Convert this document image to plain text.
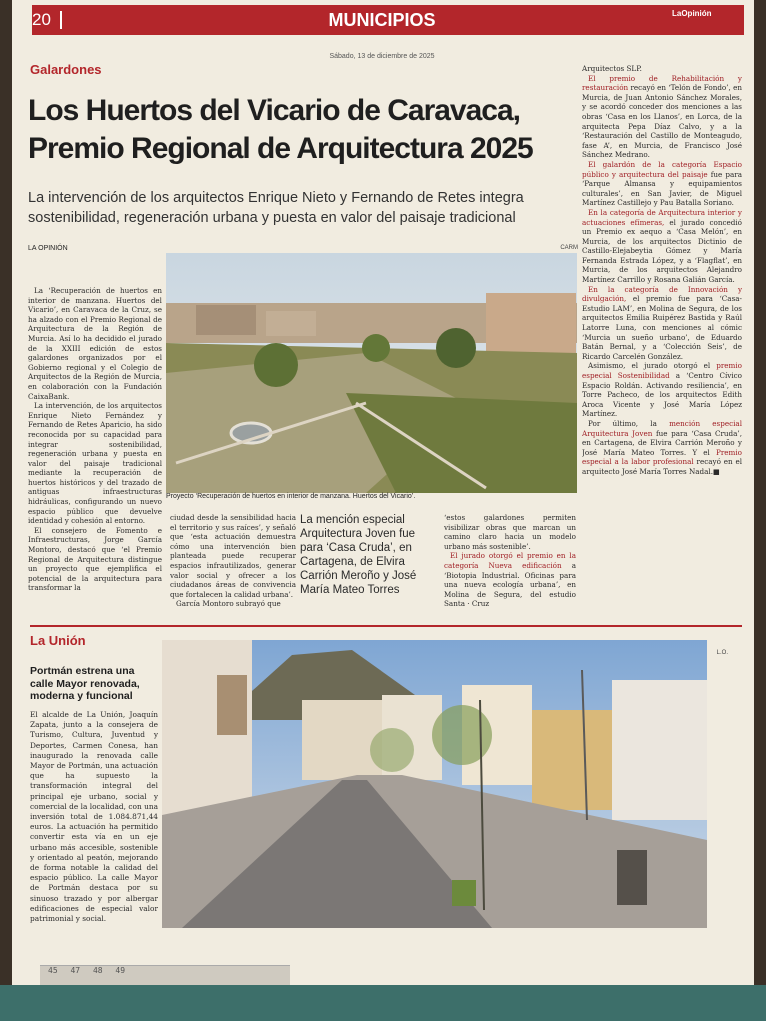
20	MUNICIPIOS	LaOpinión
Sábado, 13 de diciembre de 2025
Galardones
Los Huertos del Vicario de Caravaca,
Premio Regional de Arquitectura 2025
La intervención de los arquitectos Enrique Nieto y Fernando de Retes integra sostenibilidad, regeneración urbana y puesta en valor del paisaje tradicional
LA OPINIÓN	CARM
La ‘Recuperación de huertos en interior de manzana. Huertos del Vicario’, en Caravaca de la Cruz, se ha alzado con el Premio Regional de Arquitectura de la Región de Murcia. Así lo ha decidido el jurado de la XXIII edición de estos galardones organizados por el Gobierno regional y el Colegio de Arquitectos de la Región de Murcia, en colaboración con la Fundación CaixaBank.
La intervención, de los arquitectos Enrique Nieto Fernández y Fernando de Retes Aparicio, ha sido reconocida por su capacidad para integrar sostenibilidad, regeneración urbana y puesta en valor del paisaje tradicional mediante la recuperación de huertos históricos y del trazado de antiguas infraestructuras hidráulicas, configurando un nuevo espacio público que devuelve identidad y cohesión al entorno.
El consejero de Fomento e Infraestructuras, Jorge García Montoro, destacó que ‘el Premio Regional de Arquitectura distingue un proyecto que ejemplifica el potencial de la arquitectura para transformar la
Proyecto ‘Recuperación de huertos en interior de manzana. Huertos del Vicario’.
ciudad desde la sensibilidad hacia el territorio y sus raíces’, y señaló que ‘esta actuación demuestra cómo una intervención bien planteada puede recuperar espacios infrautilizados, generar valor social y ofrecer a los ciudadanos áreas de convivencia que fortalecen la calidad urbana’.
García Montoro subrayó que
La mención especial Arquitectura Joven fue para ‘Casa Cruda’, en Cartagena, de Elvira Carrión Meroño y José María Mateo Torres
‘estos galardones permiten visibilizar obras que marcan un camino claro hacia un modelo urbano más sostenible’.
El jurado otorgó el premio en la categoría Nueva edificación a ‘Biotopia Industrial. Oficinas para una nueva ecología urbana’, en Molina de Segura, del estudio Santa · Cruz
Arquitectos SLP.
El premio de Rehabilitación y restauración recayó en ‘Telón de Fondo’, en Murcia, de Juan Antonio Sánchez Morales, y se acordó conceder dos menciones a las obras ‘Casa en los Llanos’, en Lorca, de la arquitecta Pepa Díaz Calvo, y a la ‘Restauración del Castillo de Monteagudo, fase A’, en Murcia, de Francisco José Sánchez Medrano.
El galardón de la categoría Espacio público y arquitectura del paisaje fue para ‘Parque Almansa y equipamientos culturales’, en San Javier, de Miguel Martínez Castillejo y Pau Batalla Soriano.
En la categoría de Arquitectura interior y actuaciones efímeras, el jurado concedió un Premio ex aequo a ‘Casa Melón’, en Murcia, de los arquitectos Dictinio de Castillo-Elejabeytia Gómez y María Fernanda Estrada López, y a ‘Flagflat’, en Murcia, de los arquitectos Alejandro Martínez Carrillo y Rosana Galián García.
En la categoría de Innovación y divulgación, el premio fue para ‘Casa-Estudio LAM’, en Molina de Segura, de los arquitectos Emilia Ruipérez Bastida y Raúl Latorre Luna, con menciones al cómic ‘Murcia un sueño urbano’, de Eduardo Batán Bernal, y a ‘Colección Seis’, de Ricardo Carcelén González.
Asimismo, el jurado otorgó el premio especial Sostenibilidad a ‘Centro Cívico Espacio Roldán. Activando resiliencia’, en Torre Pacheco, de los arquitectos Edith Aroca Vicente y José María López Martínez.
Por último, la mención especial Arquitectura Joven fue para ‘Casa Cruda’, en Cartagena, de Elvira Carrión Meroño y José María Mateo Torres. Y el Premio especial a la labor profesional recayó en el arquitecto José María Torres Nadal.■
La Unión
L.O.
Portmán estrena una calle Mayor renovada, moderna y funcional
El alcalde de La Unión, Joaquín Zapata, junto a la consejera de Turismo, Cultura, Juventud y Deportes, Carmen Conesa, han inaugurado la renovada calle Mayor de Portmán, una actuación que ha supuesto la transformación integral del principal eje urbano, social y comercial de la localidad, con una inversión total de 1.084.871,44 euros. La actuación ha permitido convertir esta vía en un eje urbano más accesible, sostenible y orientado al peatón, mejorando de forma notable la calidad del espacio público. La calle Mayor de Portmán destaca por su sinuoso trazado y por albergar edificaciones de especial valor patrimonial y social.
45 47 48 49
